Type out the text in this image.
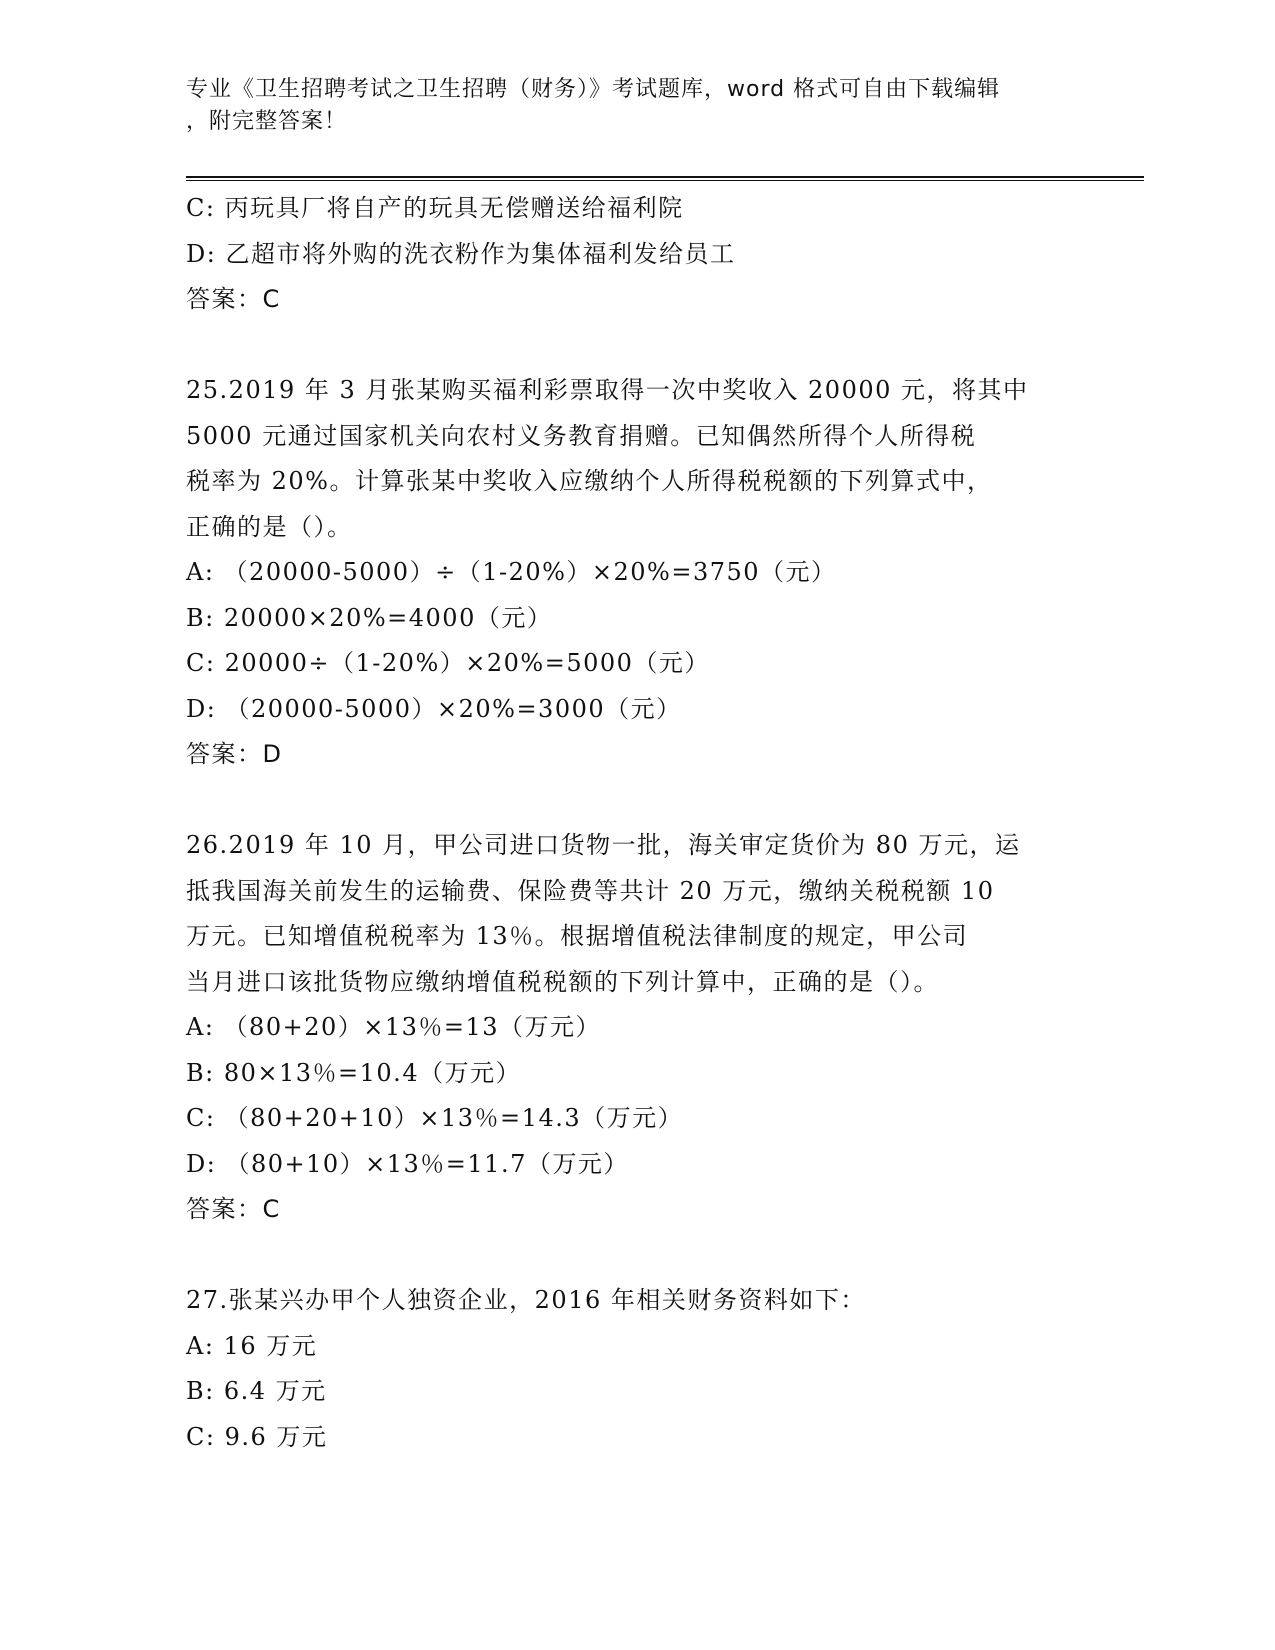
专业《卫生招聘考试之卫生招聘（财务）》考试题库，word 格式可自由下载编辑
，附完整答案！
C: 丙玩具厂将自产的玩具无偿赠送给福利院
D: 乙超市将外购的洗衣粉作为集体福利发给员工
答案：C
25.2019 年 3 月张某购买福利彩票取得一次中奖收入 20000 元，将其中
5000 元通过国家机关向农村义务教育捐赠。已知偶然所得个人所得税
税率为 20%。计算张某中奖收入应缴纳个人所得税税额的下列算式中，
正确的是（）。
A: （20000-5000）÷（1-20%）×20%=3750（元）
B: 20000×20%=4000（元）
C: 20000÷（1-20%）×20%=5000（元）
D: （20000-5000）×20%=3000（元）
答案：D
26.2019 年 10 月，甲公司进口货物一批，海关审定货价为 80 万元，运
抵我国海关前发生的运输费、保险费等共计 20 万元，缴纳关税税额 10
万元。已知增值税税率为 13％。根据增值税法律制度的规定，甲公司
当月进口该批货物应缴纳增值税税额的下列计算中，正确的是（）。
A: （80+20）×13％=13（万元）
B: 80×13％=10.4（万元）
C: （80+20+10）×13％=14.3（万元）
D: （80+10）×13％=11.7（万元）
答案：C
27.张某兴办甲个人独资企业，2016 年相关财务资料如下：
A: 16 万元
B: 6.4 万元
C: 9.6 万元
